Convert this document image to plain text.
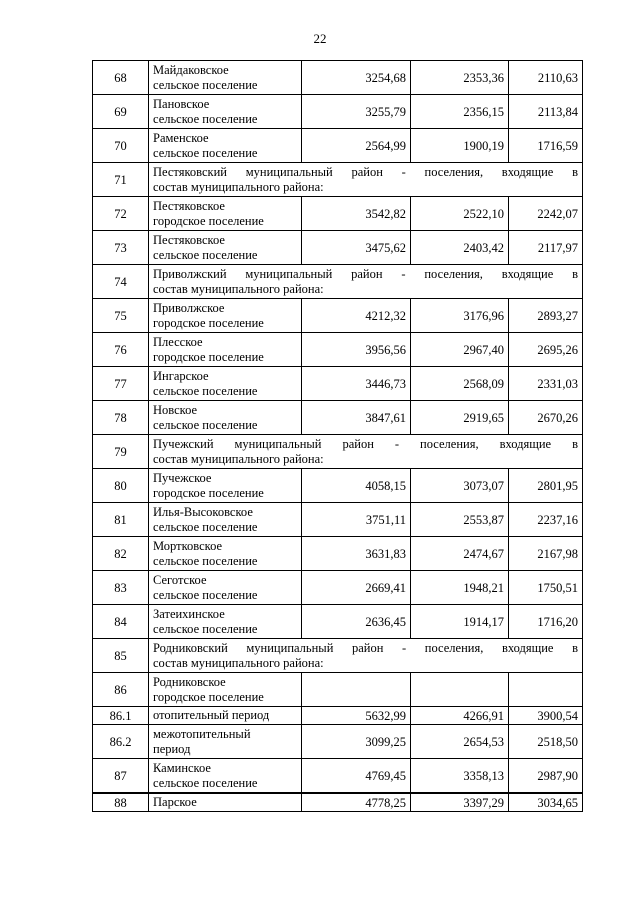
22
68	Майдаковское
сельское поселение	3254,68	2353,36	2110,63
69	Пановское
сельское поселение	3255,79	2356,15	2113,84
70	Раменское
сельское поселение	2564,99	1900,19	1716,59
71	Пестяковский муниципальный район - поселения, входящие в
состав муниципального района:			

72	Пестяковское
городское поселение	3542,82	2522,10	2242,07
73	Пестяковское
сельское поселение	3475,62	2403,42	2117,97
74	Приволжский муниципальный район - поселения, входящие в
состав муниципального района:			

75	Приволжское
городское поселение	4212,32	3176,96	2893,27
76	Плесское
городское поселение	3956,56	2967,40	2695,26
77	Ингарское
сельское поселение	3446,73	2568,09	2331,03
78	Новское
сельское поселение	3847,61	2919,65	2670,26
79	Пучежский муниципальный район - поселения, входящие в
состав муниципального района:			

80	Пучежское
городское поселение	4058,15	3073,07	2801,95
81	Илья-Высоковское
сельское поселение	3751,11	2553,87	2237,16
82	Мортковское
сельское поселение	3631,83	2474,67	2167,98
83	Сеготское
сельское поселение	2669,41	1948,21	1750,51
84	Затеихинское
сельское поселение	2636,45	1914,17	1716,20
85	Родниковский муниципальный район - поселения, входящие в
состав муниципального района:			

86	Родниковское
городское поселение			

86.1	отопительный период	5632,99	4266,91	3900,54
86.2	межотопительный
период	3099,25	2654,53	2518,50
87	Каминское
сельское поселение	4769,45	3358,13	2987,90
88	Парское	4778,25	3397,29	3034,65
